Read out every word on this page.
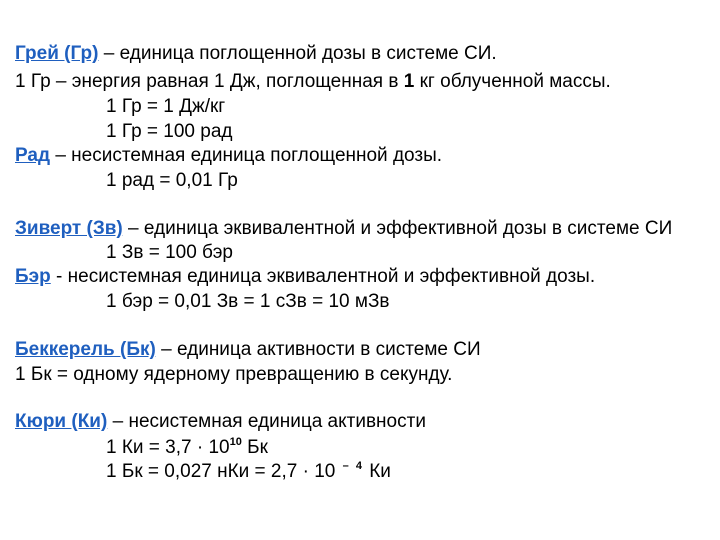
Грей (Гр) – единица поглощенной дозы в системе СИ.
1 Гр – энергия равная 1 Дж, поглощенная в 1 кг облученной массы.
1 Гр = 1 Дж/кг
1 Гр = 100 рад
Рад – несистемная единица поглощенной дозы.
1 рад = 0,01 Гр
Зиверт (Зв) – единица эквивалентной и эффективной дозы в системе СИ
1 Зв = 100 бэр
Бэр - несистемная единица эквивалентной и эффективной дозы.
1 бэр = 0,01 Зв = 1 сЗв = 10 мЗв
Беккерель (Бк) – единица активности в системе СИ
1 Бк = одному ядерному превращению в секунду.
Кюри (Ки) – несистемная единица активности
1 Ки = $3,7 \cdot 10^{10}$ Бк
1 Бк = 0,027 нКи = 2,7 · 10 $^{- 4}$ Ки
